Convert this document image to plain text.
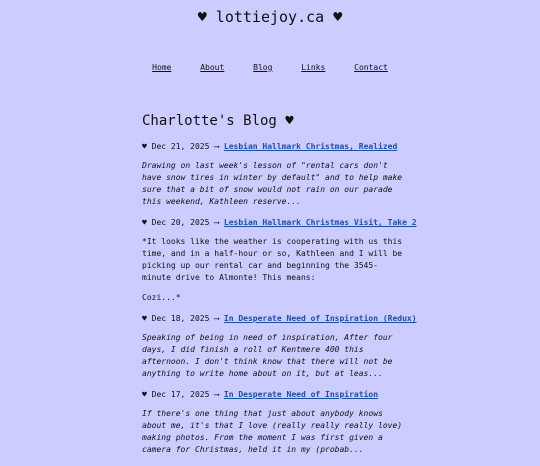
♥ lottiejoy.ca ♥
Home	About	Blog	Links	Contact
Charlotte's Blog ♥
♥ Dec 21, 2025 ⟶ Lesbian Hallmark Christmas, Realized
Drawing on last week's lesson of "rental cars don't have snow tires in winter by default" and to help make sure that a bit of snow would not rain on our parade this weekend, Kathleen reserve...
♥ Dec 20, 2025 ⟶ Lesbian Hallmark Christmas Visit, Take 2

*It looks like the weather is cooperating with us this time, and in a half-hour or so, Kathleen and I will be picking up our rental car and beginning the 3545-minute drive to Almonte! This means:

Cozi...*

♥ Dec 18, 2025 ⟶ In Desperate Need of Inspiration (Redux)
Speaking of being in need of inspiration, After four days, I did finish a roll of Kentmere 400 this afternoon. I don't think know that there will not be anything to write home about on it, but at leas...
♥ Dec 17, 2025 ⟶ In Desperate Need of Inspiration
If there's one thing that just about anybody knows about me, it's that I love (really really really love) making photos. From the moment I was first given a camera for Christmas, held it in my (probab...
